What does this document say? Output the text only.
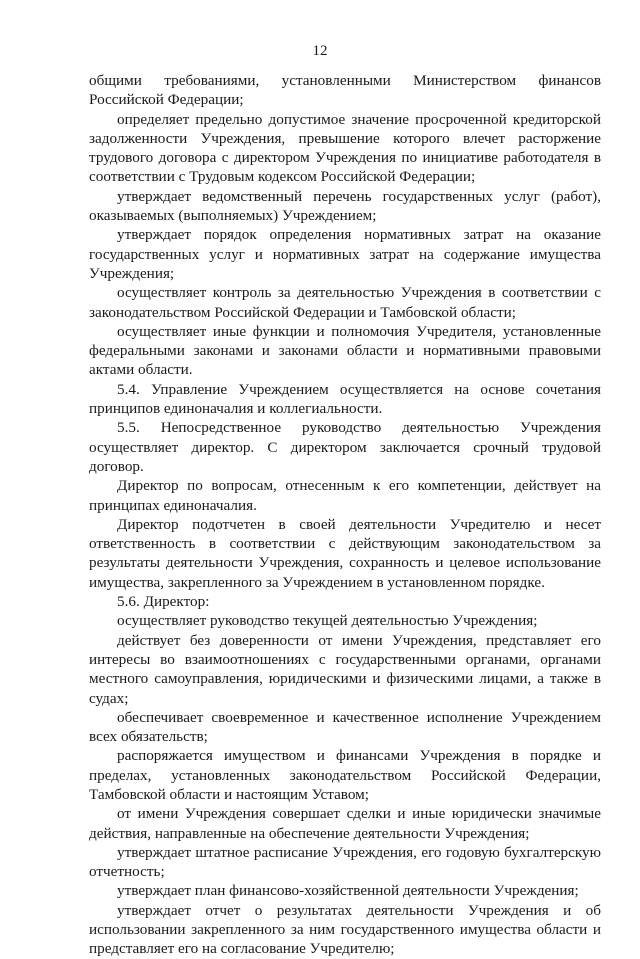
12

общими требованиями, установленными Министерством финансов Российской Федерации;

определяет предельно допустимое значение просроченной кредиторской задолженности Учреждения, превышение которого влечет расторжение трудового договора с директором Учреждения по инициативе работодателя в соответствии с Трудовым кодексом Российской Федерации;

утверждает ведомственный перечень государственных услуг (работ), оказываемых (выполняемых) Учреждением;

утверждает порядок определения нормативных затрат на оказание государственных услуг и нормативных затрат на содержание имущества Учреждения;

осуществляет контроль за деятельностью Учреждения в соответствии с законодательством Российской Федерации и Тамбовской области;

осуществляет иные функции и полномочия Учредителя, установленные федеральными законами и законами области и нормативными правовыми актами области.

5.4. Управление Учреждением осуществляется на основе сочетания принципов единоначалия и коллегиальности.

5.5. Непосредственное руководство деятельностью Учреждения осуществляет директор. С директором заключается срочный трудовой договор.

Директор по вопросам, отнесенным к его компетенции, действует на принципах единоначалия.

Директор подотчетен в своей деятельности Учредителю и несет ответственность в соответствии с действующим законодательством за результаты деятельности Учреждения, сохранность и целевое использование имущества, закрепленного за Учреждением в установленном порядке.

5.6. Директор:

осуществляет руководство текущей деятельностью Учреждения;

действует без доверенности от имени Учреждения, представляет его интересы во взаимоотношениях с государственными органами, органами местного самоуправления, юридическими и физическими лицами, а также в судах;

обеспечивает своевременное и качественное исполнение Учреждением всех обязательств;

распоряжается имуществом и финансами Учреждения в порядке и пределах, установленных законодательством Российской Федерации, Тамбовской области и настоящим Уставом;

от имени Учреждения совершает сделки и иные юридически значимые действия, направленные на обеспечение деятельности Учреждения;

утверждает штатное расписание Учреждения, его годовую бухгалтерскую отчетность;

утверждает план финансово-хозяйственной деятельности Учреждения;

утверждает отчет о результатах деятельности Учреждения и об использовании закрепленного за ним государственного имущества области и представляет его на согласование Учредителю;
